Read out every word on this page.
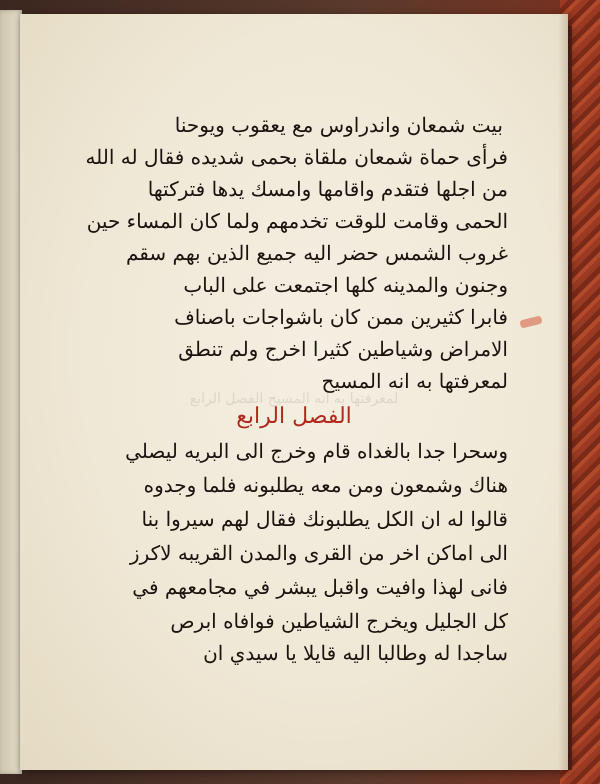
بيت شمعان واندراوس مع يعقوب ويوحنا
فرأى حماة شمعان ملقاة بحمى شديده فقال له الله
من اجلها فتقدم واقامها وامسك يدها فتركتها
الحمى وقامت للوقت تخدمهم ولما كان المساء حين
غروب الشمس حضر اليه جميع الذين بهم سقم
وجنون والمدينه كلها اجتمعت على الباب
فابرا كثيرين ممن كان باشواجات باصناف
الامراض وشياطين كثيرا اخرج ولم تنطق
لمعرفتها به انه المسيح
لمعرفتها به انه المسيح الفصل الرابع
الفصل الرابع
وسحرا جدا بالغداه قام وخرج الى البريه ليصلي
هناك وشمعون ومن معه يطلبونه فلما وجدوه
قالوا له ان الكل يطلبونك فقال لهم سيروا بنا
الى اماكن اخر من القرى والمدن القريبه لاكرز
فانى لهذا وافيت واقبل يبشر في مجامعهم في
كل الجليل ويخرج الشياطين فوافاه ابرص
ساجدا له وطالبا اليه قايلا يا سيدي ان
